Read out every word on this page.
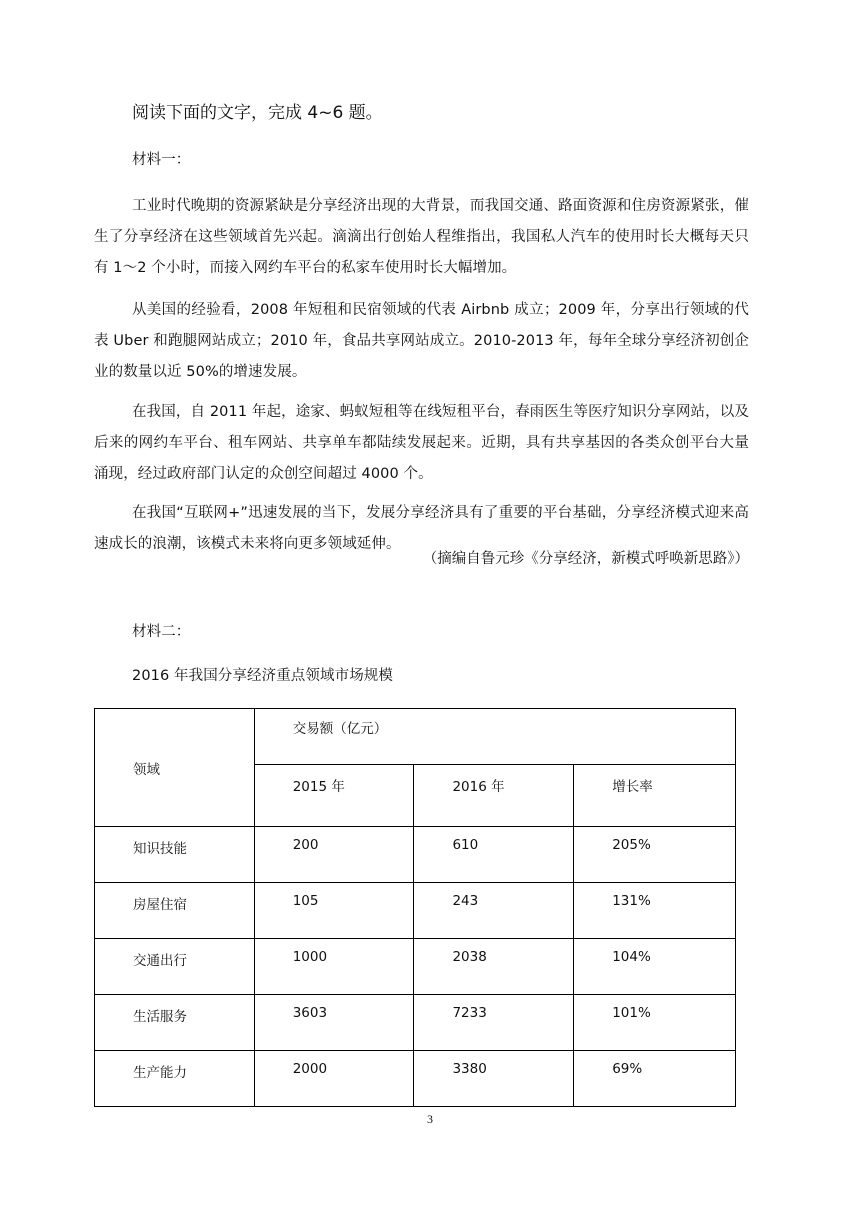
阅读下面的文字，完成 4~6 题。
材料一：
工业时代晚期的资源紧缺是分享经济出现的大背景，而我国交通、路面资源和住房资源紧张，催生了分享经济在这些领域首先兴起。滴滴出行创始人程维指出，我国私人汽车的使用时长大概每天只有 1～2 个小时，而接入网约车平台的私家车使用时长大幅增加。
从美国的经验看，2008 年短租和民宿领域的代表 Airbnb 成立；2009 年，分享出行领域的代表 Uber 和跑腿网站成立；2010 年，食品共享网站成立。2010-2013 年，每年全球分享经济初创企业的数量以近 50%的增速发展。
在我国，自 2011 年起，途家、蚂蚁短租等在线短租平台，春雨医生等医疗知识分享网站，以及后来的网约车平台、租车网站、共享单车都陆续发展起来。近期，具有共享基因的各类众创平台大量涌现，经过政府部门认定的众创空间超过 4000 个。
在我国“互联网+”迅速发展的当下，发展分享经济具有了重要的平台基础，分享经济模式迎来高速成长的浪潮，该模式未来将向更多领域延伸。
（摘编自鲁元珍《分享经济，新模式呼唤新思路》）
材料二：
2016 年我国分享经济重点领域市场规模
领域	交易额（亿元）		
	2015 年	2016 年	增长率
知识技能	200	610	205%
房屋住宿	105	243	131%
交通出行	1000	2038	104%
生活服务	3603	7233	101%
生产能力	2000	3380	69%
3
